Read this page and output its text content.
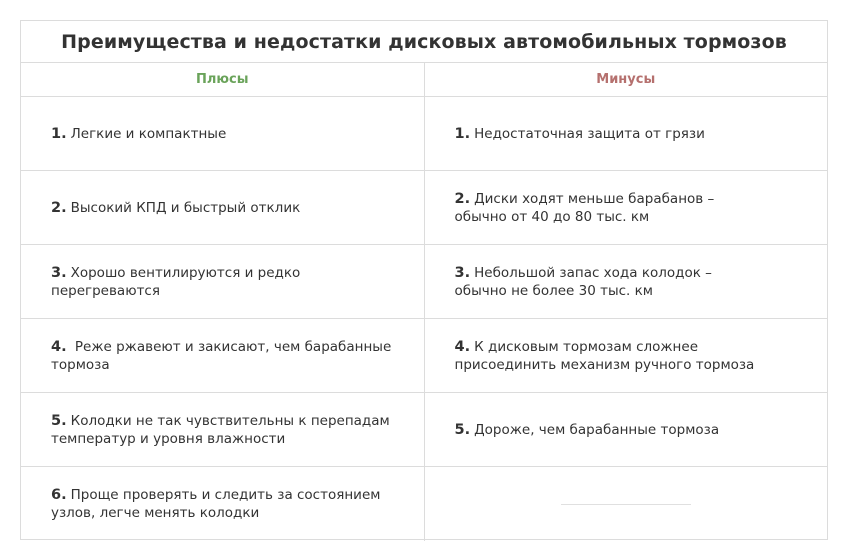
Преимущества и недостатки дисковых автомобильных тормозов
Плюсы	Минусы
1. Легкие и компактные	1. Недостаточная защита от грязи
2. Высокий КПД и быстрый отклик
2. Диски ходят меньше барабанов – обычно от 40 до 80 тыс. км
3. Хорошо вентилируются и редко перегреваются
3. Небольшой запас хода колодок – обычно не более 30 тыс. км
4. Реже ржавеют и закисают, чем барабанные тормоза
4. К дисковым тормозам сложнее присоединить механизм ручного тормоза
5. Колодки не так чувствительны к перепадам температур и уровня влажности
5. Дороже, чем барабанные тормоза
6. Проще проверять и следить за состоянием узлов, легче менять колодки
